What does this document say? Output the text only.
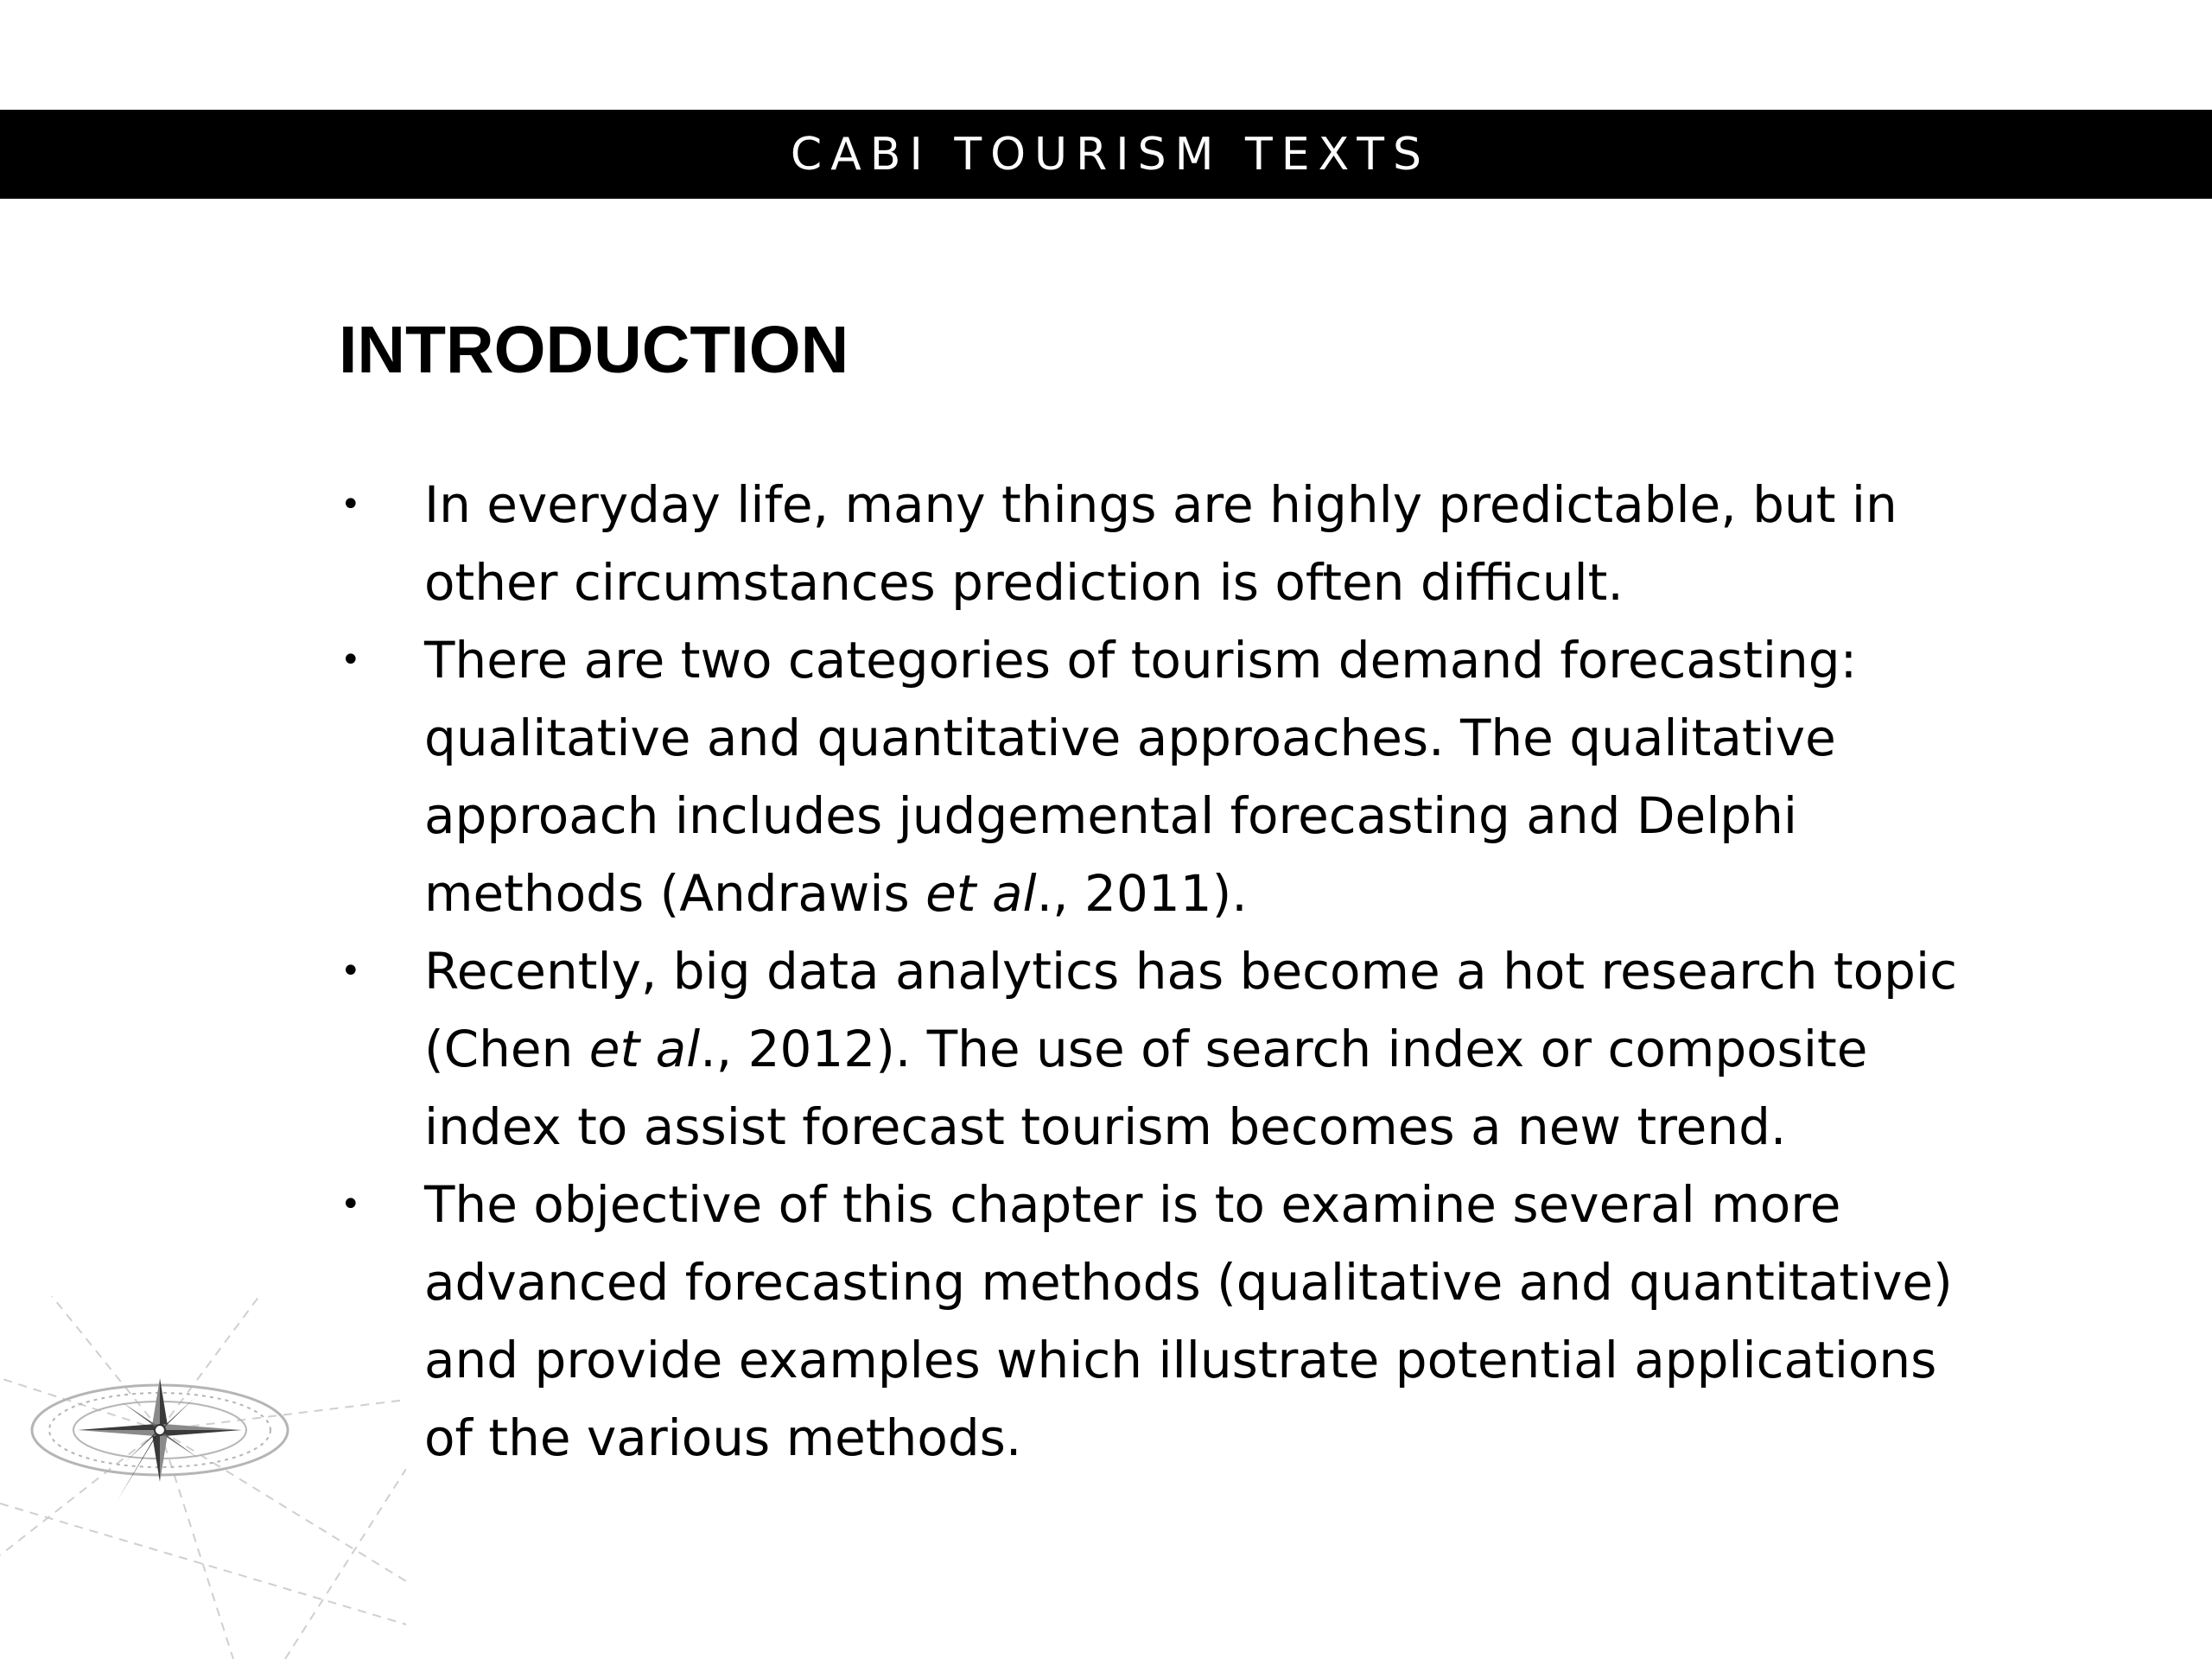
CABI TOURISM TEXTS
INTRODUCTION
•	In everyday life, many things are highly predictable, but in
other circumstances prediction is often difficult.
•	There are two categories of tourism demand forecasting:
qualitative and quantitative approaches. The qualitative
approach includes judgemental forecasting and Delphi
methods (Andrawis et al., 2011).
•	Recently, big data analytics has become a hot research topic
(Chen et al., 2012). The use of search index or composite
index to assist forecast tourism becomes a new trend.
•	The objective of this chapter is to examine several more
advanced forecasting methods (qualitative and quantitative)
and provide examples which illustrate potential applications
of the various methods.
